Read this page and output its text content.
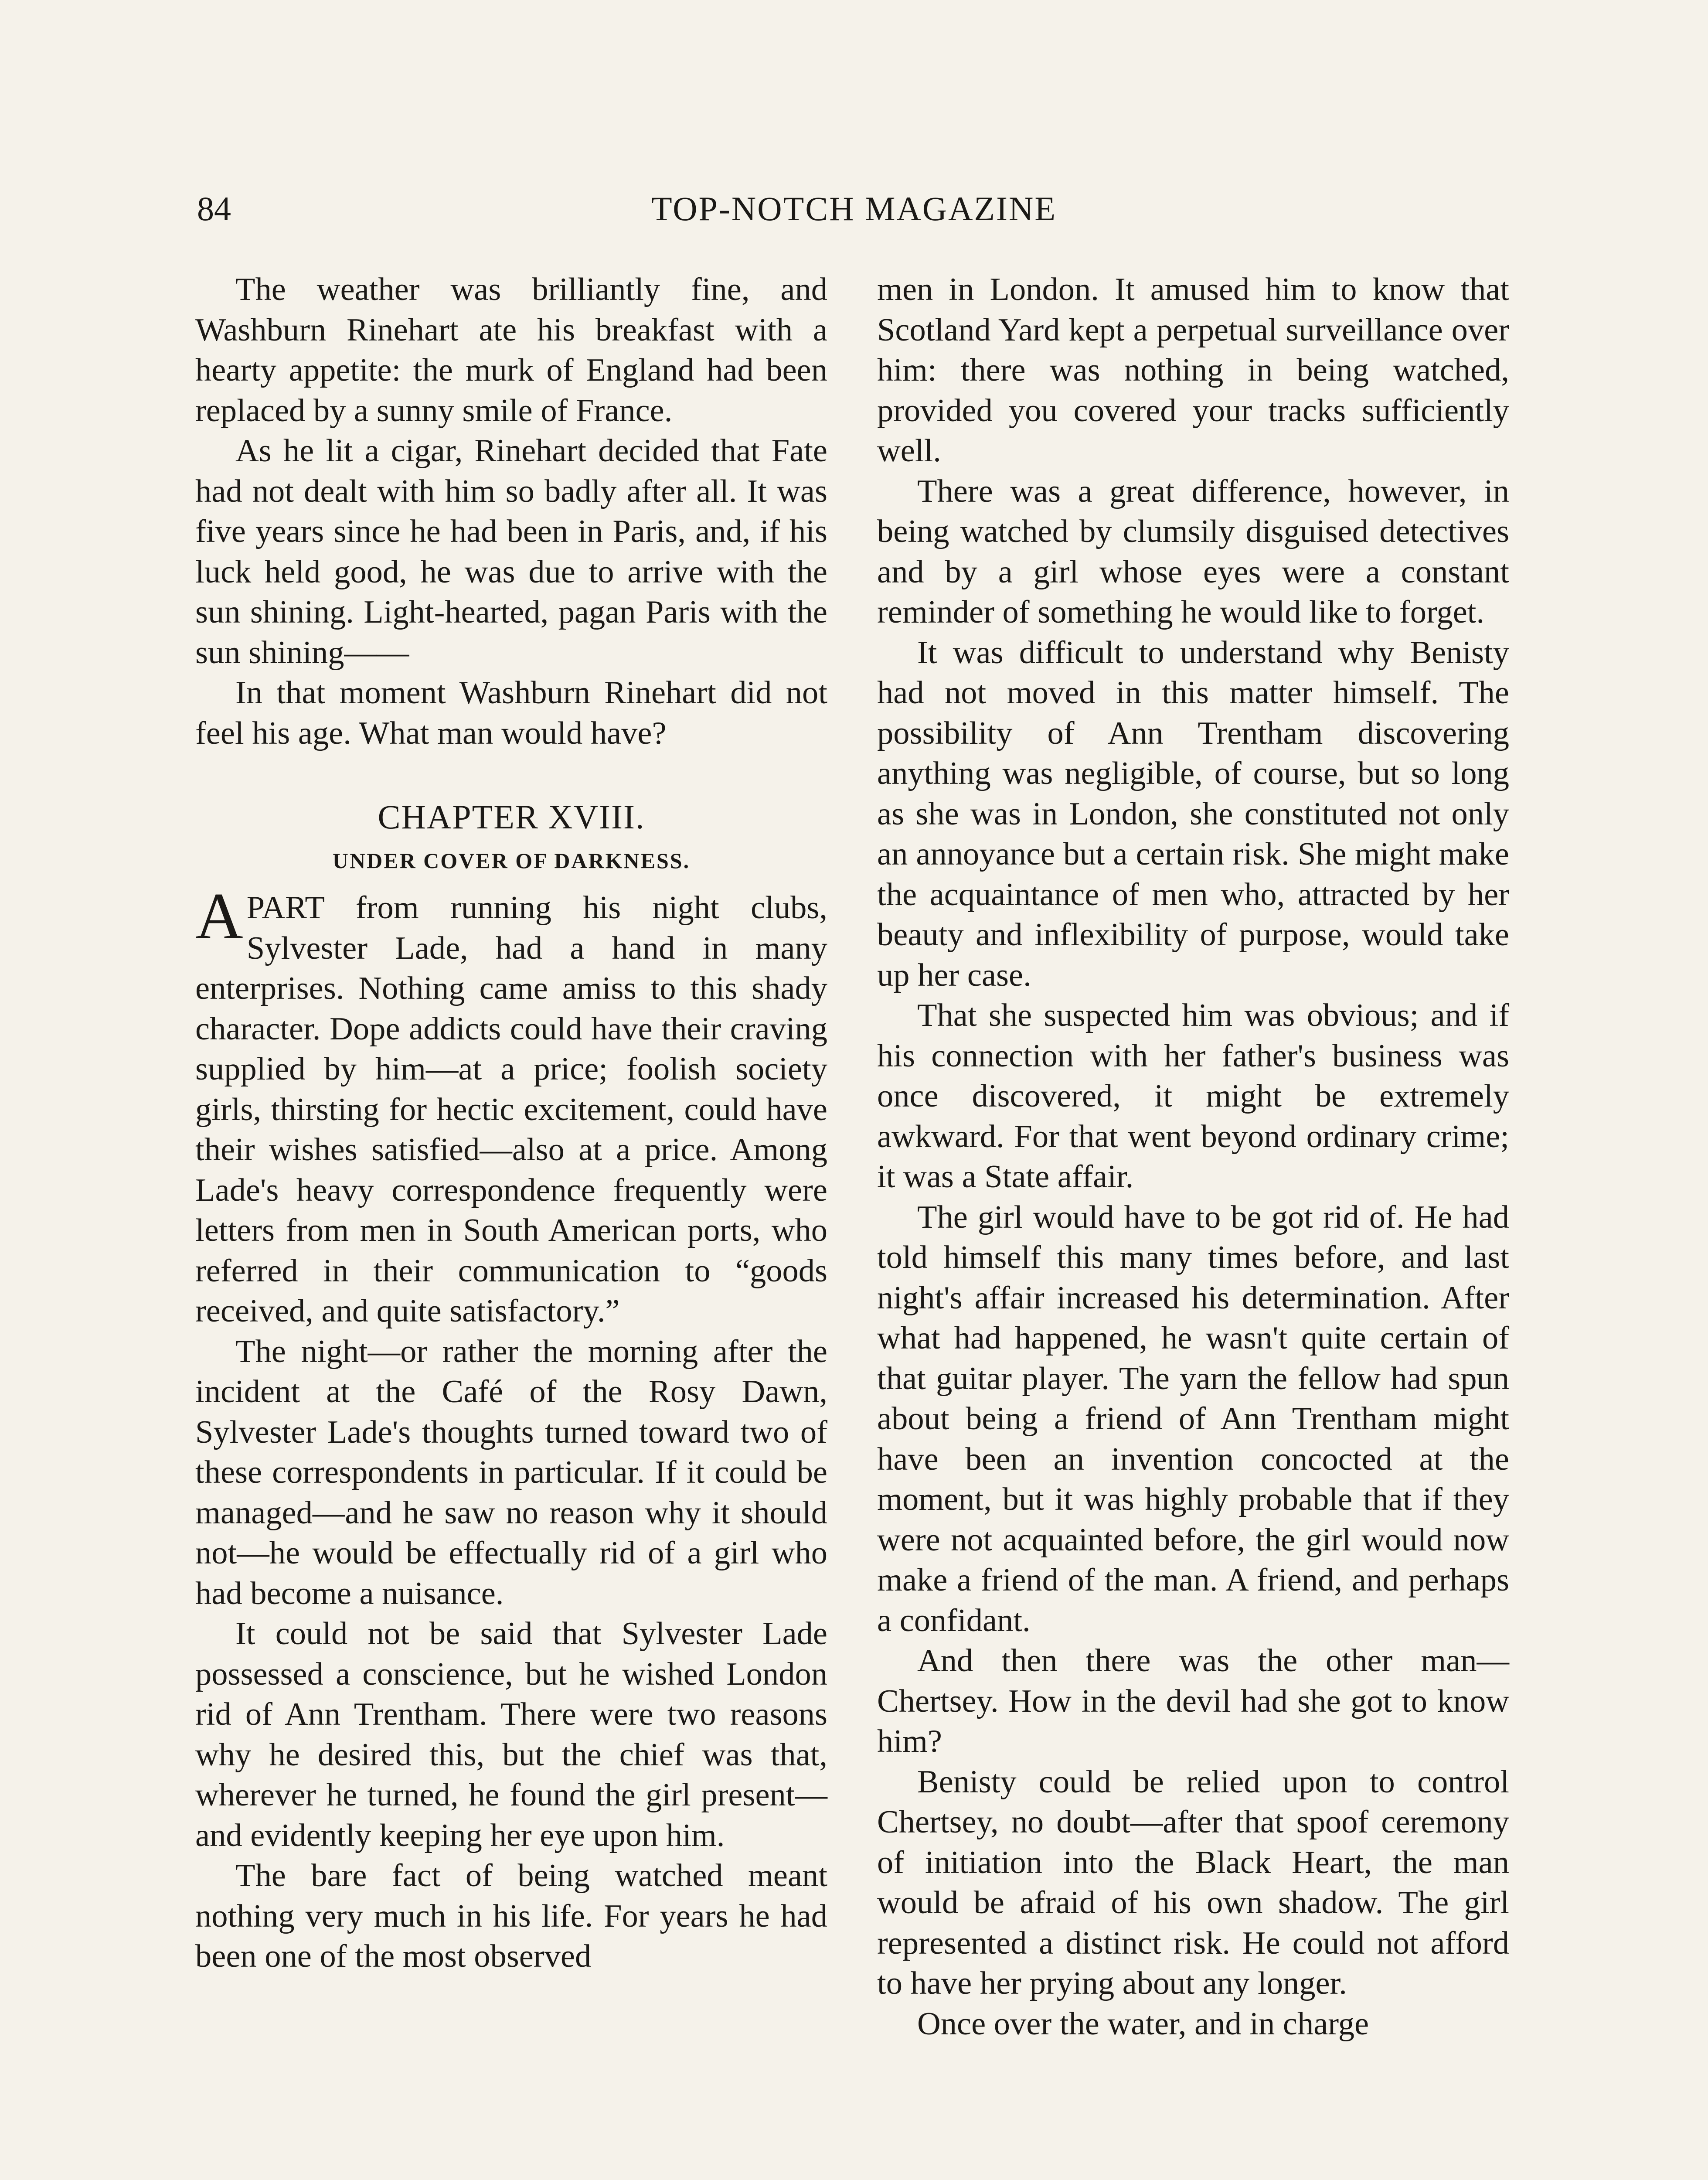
84	TOP-NOTCH MAGAZINE

The weather was brilliantly fine, and Washburn Rinehart ate his breakfast with a hearty appetite: the murk of England had been replaced by a sunny smile of France.

As he lit a cigar, Rinehart decided that Fate had not dealt with him so badly after all. It was five years since he had been in Paris, and, if his luck held good, he was due to arrive with the sun shining. Light-hearted, pagan Paris with the sun shining——

In that moment Washburn Rinehart did not feel his age. What man would have?

CHAPTER XVIII.
UNDER COVER OF DARKNESS.

APART from running his night clubs, Sylvester Lade, had a hand in many enterprises. Nothing came amiss to this shady character. Dope addicts could have their craving supplied by him—at a price; foolish society girls, thirsting for hectic excitement, could have their wishes satisfied—also at a price. Among Lade's heavy correspondence frequently were letters from men in South American ports, who referred in their communication to “goods received, and quite satisfactory.”

The night—or rather the morning after the incident at the Café of the Rosy Dawn, Sylvester Lade's thoughts turned toward two of these correspondents in particular. If it could be managed—and he saw no reason why it should not—he would be effectually rid of a girl who had become a nuisance.

It could not be said that Sylvester Lade possessed a conscience, but he wished London rid of Ann Trentham. There were two reasons why he desired this, but the chief was that, wherever he turned, he found the girl present—and evidently keeping her eye upon him.

The bare fact of being watched meant nothing very much in his life. For years he had been one of the most observed

men in London. It amused him to know that Scotland Yard kept a perpetual surveillance over him: there was nothing in being watched, provided you covered your tracks sufficiently well.

There was a great difference, however, in being watched by clumsily disguised detectives and by a girl whose eyes were a constant reminder of something he would like to forget.

It was difficult to understand why Benisty had not moved in this matter himself. The possibility of Ann Trentham discovering anything was negligible, of course, but so long as she was in London, she constituted not only an annoyance but a certain risk. She might make the acquaintance of men who, attracted by her beauty and inflexibility of purpose, would take up her case.

That she suspected him was obvious; and if his connection with her father's business was once discovered, it might be extremely awkward. For that went beyond ordinary crime; it was a State affair.

The girl would have to be got rid of. He had told himself this many times before, and last night's affair increased his determination. After what had happened, he wasn't quite certain of that guitar player. The yarn the fellow had spun about being a friend of Ann Trentham might have been an invention concocted at the moment, but it was highly probable that if they were not acquainted before, the girl would now make a friend of the man. A friend, and perhaps a confidant.

And then there was the other man—Chertsey. How in the devil had she got to know him?

Benisty could be relied upon to control Chertsey, no doubt—after that spoof ceremony of initiation into the Black Heart, the man would be afraid of his own shadow. The girl represented a distinct risk. He could not afford to have her prying about any longer.

Once over the water, and in charge
